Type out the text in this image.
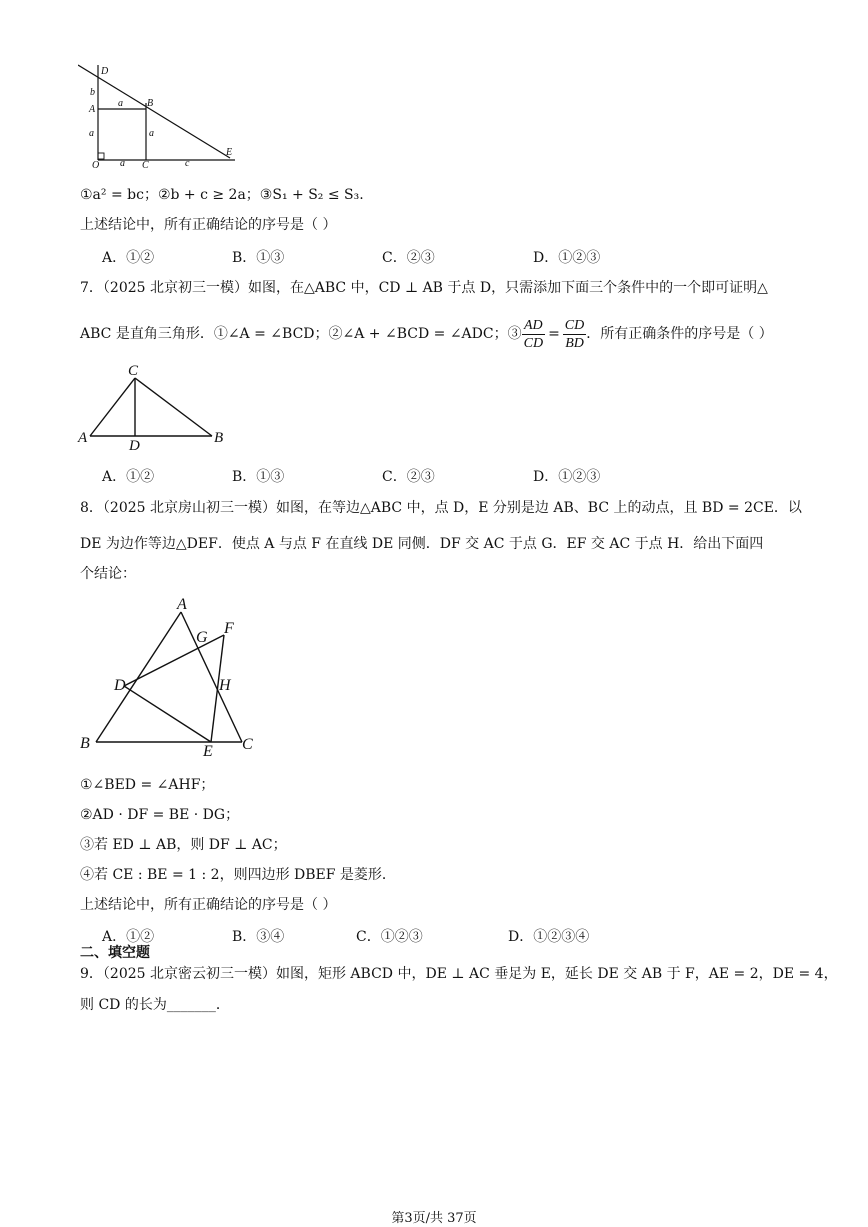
D
b
A
a B
a	a
O a C	c
E
①a² = bc；②b + c ≥ 2a；③S₁ + S₂ ≤ S₃.
上述结论中，所有正确结论的序号是（ ）
A．①②	B．①③	C．②③	D．①②③
7．（2025 北京初三一模）如图，在△ABC 中，CD ⊥ AB 于点 D，只需添加下面三个条件中的一个即可证明△
ABC 是直角三角形．①∠A = ∠BCD；②∠A + ∠BCD = ∠ADC；③ $\frac{AD}{CD} = \frac{CD}{BD}$ ．所有正确条件的序号是（ ）
C
A	D	B
A．①②	B．①③	C．②③	D．①②③
8．（2025 北京房山初三一模）如图，在等边△ABC 中，点 D，E 分别是边 AB、BC 上的动点，且 BD = 2CE．以
DE 为边作等边△DEF．使点 A 与点 F 在直线 DE 同侧．DF 交 AC 于点 G．EF 交 AC 于点 H．给出下面四
个结论：
A
F
G
D	H
B	E C
①∠BED = ∠AHF；
②AD · DF = BE · DG；
③若 ED ⊥ AB，则 DF ⊥ AC；
④若 CE : BE = 1 : 2，则四边形 DBEF 是菱形．
上述结论中，所有正确结论的序号是（ ）
A．①②	B．③④	C．①②③	D．①②③④
二、填空题
9．（2025 北京密云初三一模）如图，矩形 ABCD 中，DE ⊥ AC 垂足为 E，延长 DE 交 AB 于 F，AE = 2，DE = 4，
则 CD 的长为_______．
第3页/共 37页
